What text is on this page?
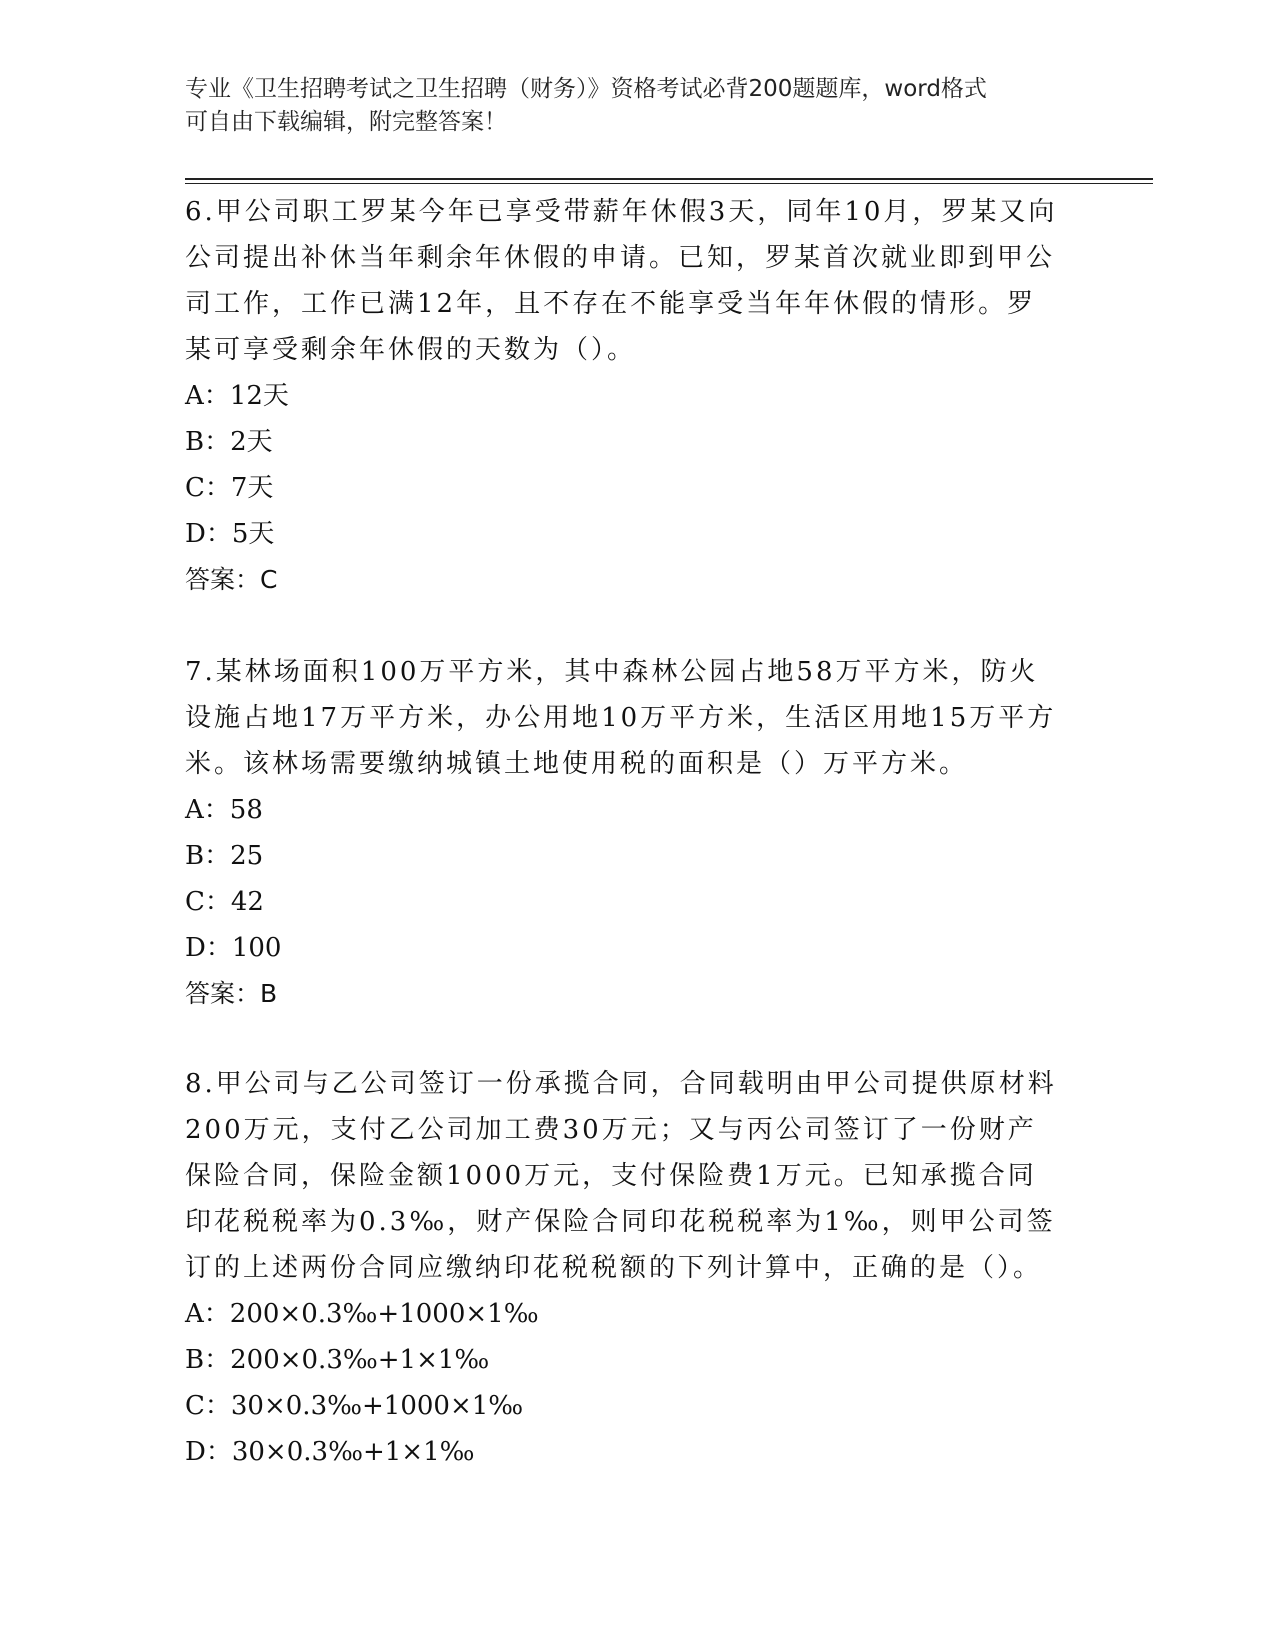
专业《卫生招聘考试之卫生招聘（财务）》资格考试必背200题题库，word格式
可自由下载编辑，附完整答案！

6.甲公司职工罗某今年已享受带薪年休假3天，同年10月，罗某又向公司提出补休当年剩余年休假的申请。已知，罗某首次就业即到甲公司工作，工作已满12年，且不存在不能享受当年年休假的情形。罗某可享受剩余年休假的天数为（）。

A：12天

B：2天

C：7天

D：5天

答案：C

7.某林场面积100万平方米，其中森林公园占地58万平方米，防火设施占地17万平方米，办公用地10万平方米，生活区用地15万平方米。该林场需要缴纳城镇土地使用税的面积是（）万平方米。

A：58

B：25

C：42

D：100

答案：B

8.甲公司与乙公司签订一份承揽合同，合同载明由甲公司提供原材料200万元，支付乙公司加工费30万元；又与丙公司签订了一份财产保险合同，保险金额1000万元，支付保险费1万元。已知承揽合同印花税税率为0.3‰，财产保险合同印花税税率为1‰，则甲公司签订的上述两份合同应缴纳印花税税额的下列计算中，正确的是（）。

A：200×0.3‰+1000×1‰

B：200×0.3‰+1×1‰

C：30×0.3‰+1000×1‰

D：30×0.3‰+1×1‰
